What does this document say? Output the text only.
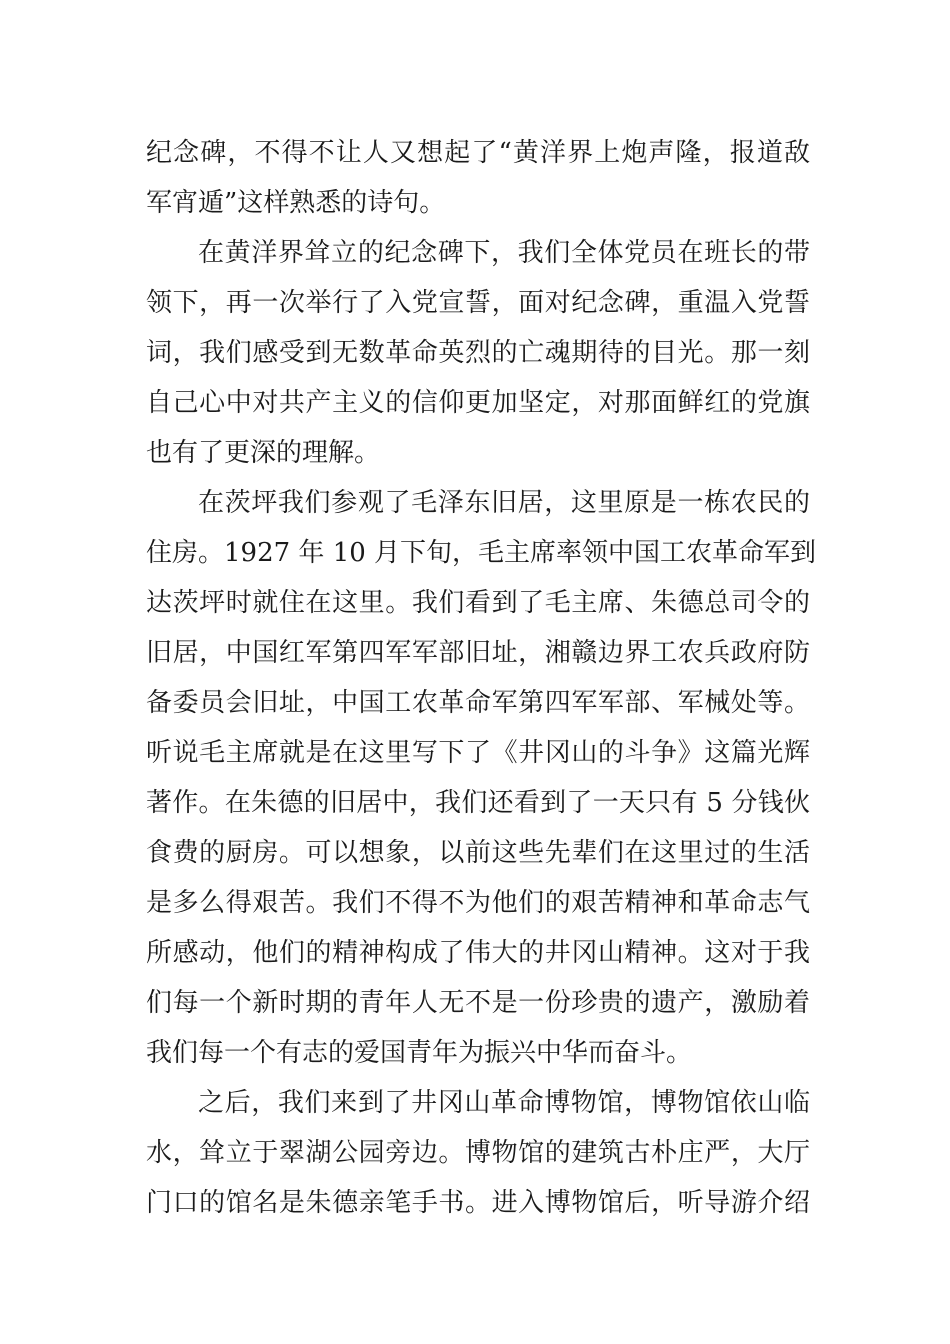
纪念碑，不得不让人又想起了“黄洋界上炮声隆，报道敌

军宵遁”这样熟悉的诗句。

在黄洋界耸立的纪念碑下，我们全体党员在班长的带

领下，再一次举行了入党宣誓，面对纪念碑，重温入党誓

词，我们感受到无数革命英烈的亡魂期待的目光。那一刻

自己心中对共产主义的信仰更加坚定，对那面鲜红的党旗

也有了更深的理解。

在茨坪我们参观了毛泽东旧居，这里原是一栋农民的

住房。1927 年 10 月下旬，毛主席率领中国工农革命军到

达茨坪时就住在这里。我们看到了毛主席、朱德总司令的

旧居，中国红军第四军军部旧址，湘赣边界工农兵政府防

备委员会旧址，中国工农革命军第四军军部、军械处等。

听说毛主席就是在这里写下了《井冈山的斗争》这篇光辉

著作。在朱德的旧居中，我们还看到了一天只有 5 分钱伙

食费的厨房。可以想象，以前这些先辈们在这里过的生活

是多么得艰苦。我们不得不为他们的艰苦精神和革命志气

所感动，他们的精神构成了伟大的井冈山精神。这对于我

们每一个新时期的青年人无不是一份珍贵的遗产，激励着

我们每一个有志的爱国青年为振兴中华而奋斗。

之后，我们来到了井冈山革命博物馆，博物馆依山临

水，耸立于翠湖公园旁边。博物馆的建筑古朴庄严，大厅

门口的馆名是朱德亲笔手书。进入博物馆后，听导游介绍
